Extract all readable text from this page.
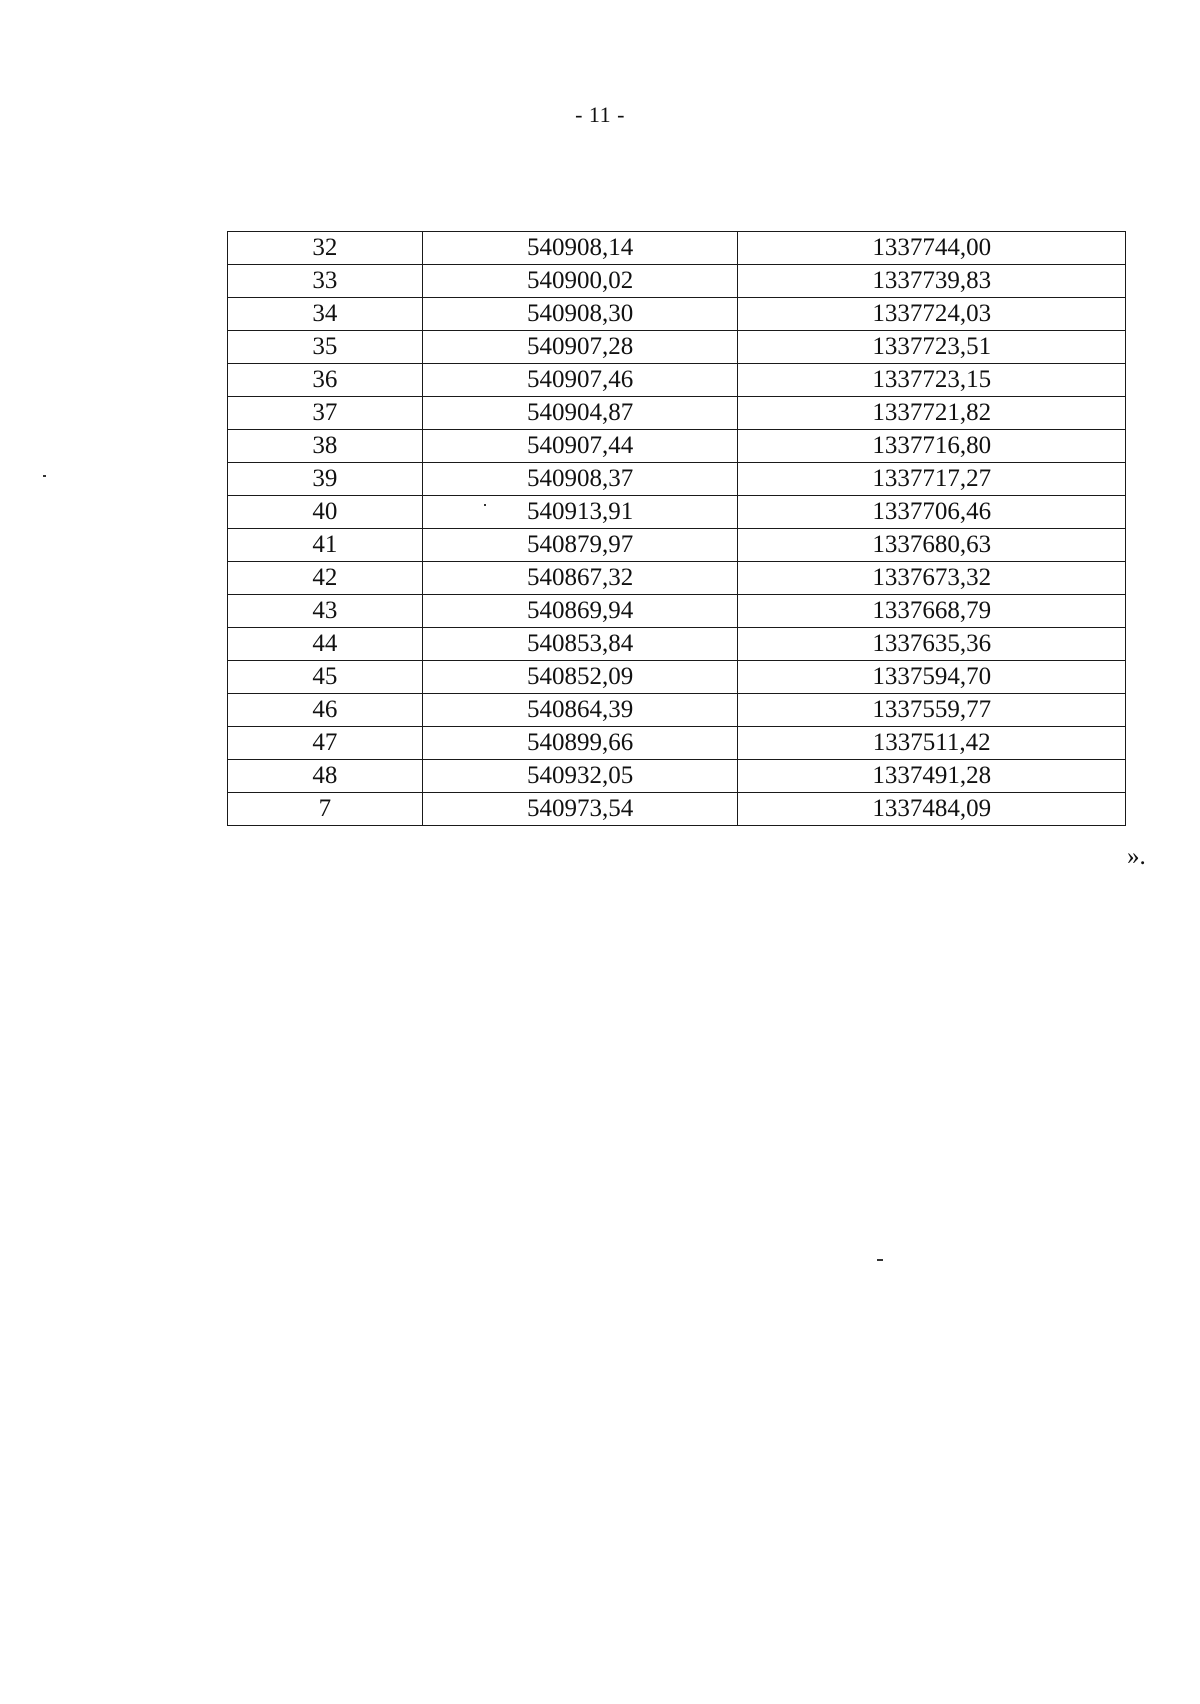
- 11 -
32	540908,14	1337744,00
33	540900,02	1337739,83
34	540908,30	1337724,03
35	540907,28	1337723,51
36	540907,46	1337723,15
37	540904,87	1337721,82
38	540907,44	1337716,80
39	540908,37	1337717,27
40	540913,91	1337706,46
41	540879,97	1337680,63
42	540867,32	1337673,32
43	540869,94	1337668,79
44	540853,84	1337635,36
45	540852,09	1337594,70
46	540864,39	1337559,77
47	540899,66	1337511,42
48	540932,05	1337491,28
7	540973,54	1337484,09
».
